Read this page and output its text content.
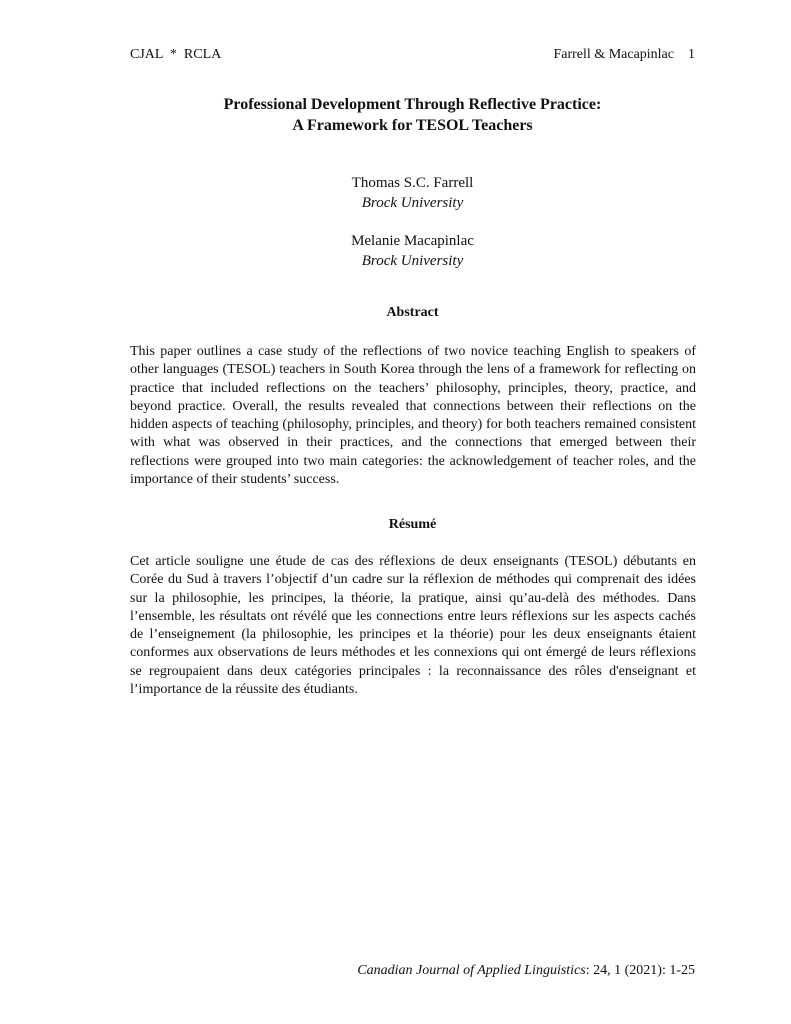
CJAL  *  RCLA	Farrell & Macapinlac    1
Professional Development Through Reflective Practice:
A Framework for TESOL Teachers
Thomas S.C. Farrell
Brock University
Melanie Macapinlac
Brock University
Abstract
This paper outlines a case study of the reflections of two novice teaching English to speakers of other languages (TESOL) teachers in South Korea through the lens of a framework for reflecting on practice that included reflections on the teachers’ philosophy, principles, theory, practice, and beyond practice. Overall, the results revealed that connections between their reflections on the hidden aspects of teaching (philosophy, principles, and theory) for both teachers remained consistent with what was observed in their practices, and the connections that emerged between their reflections were grouped into two main categories: the acknowledgement of teacher roles, and the importance of their students’ success.
Résumé
Cet article souligne une étude de cas des réflexions de deux enseignants (TESOL) débutants en Corée du Sud à travers l’objectif d’un cadre sur la réflexion de méthodes qui comprenait des idées sur la philosophie, les principes, la théorie, la pratique, ainsi qu’au-delà des méthodes. Dans l’ensemble, les résultats ont révélé que les connections entre leurs réflexions sur les aspects cachés de l’enseignement (la philosophie, les principes et la théorie) pour les deux enseignants étaient conformes aux observations de leurs méthodes et les connexions qui ont émergé de leurs réflexions se regroupaient dans deux catégories principales : la reconnaissance des rôles d'enseignant et l’importance de la réussite des étudiants.
Canadian Journal of Applied Linguistics: 24, 1 (2021): 1-25
